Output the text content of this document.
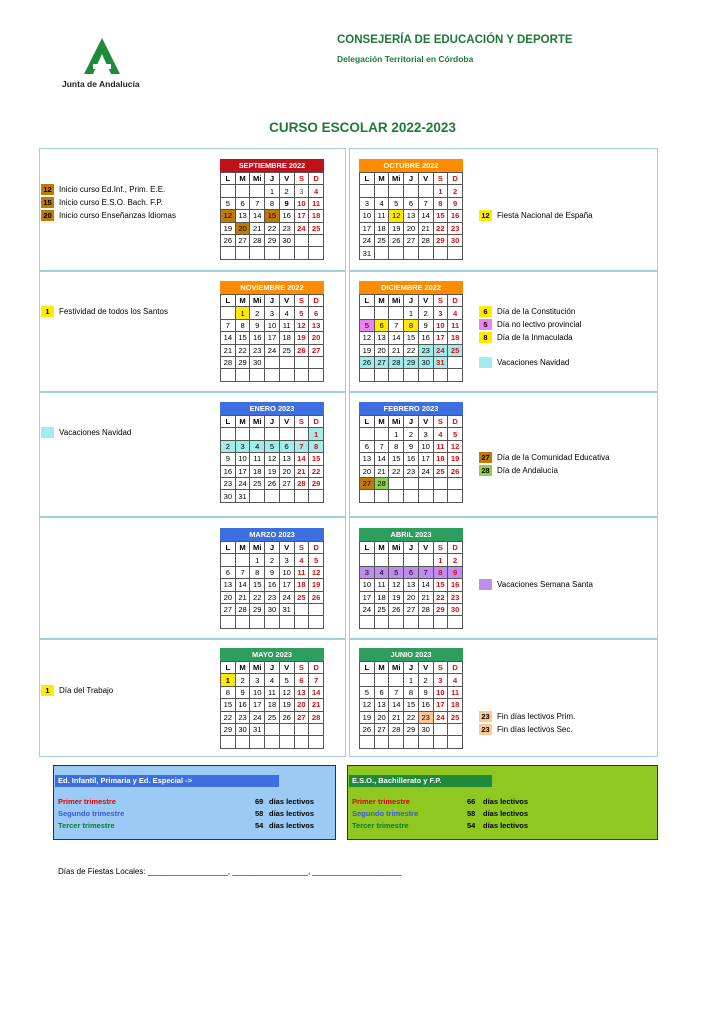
Junta de Andalucía
CONSEJERÍA DE EDUCACIÓN Y DEPORTE
Delegación Territorial en Córdoba
CURSO ESCOLAR 2022-2023
SEPTIEMBRE 2022
L	M	Mi	J	V	S	D
			1	2	3	4
5	6	7	8	9	10	11
12	13	14	15	16	17	18
19	20	21	22	23	24	25
26	27	28	29	30		

OCTUBRE 2022
L	M	Mi	J	V	S	D
					1	2
3	4	5	6	7	8	9
10	11	12	13	14	15	16
17	18	19	20	21	22	23
24	25	26	27	28	29	30
31						
NOVIEMBRE 2022
L	M	Mi	J	V	S	D
	1	2	3	4	5	6
7	8	9	10	11	12	13
14	15	16	17	18	19	20
21	22	23	24	25	26	27
28	29	30				

DICIEMBRE 2022
L	M	Mi	J	V	S	D
			1	2	3	4
5	6	7	8	9	10	11
12	13	14	15	16	17	18
19	20	21	22	23	24	25
26	27	28	29	30	31	

ENERO 2023
L	M	Mi	J	V	S	D
						1
2	3	4	5	6	7	8
9	10	11	12	13	14	15
16	17	18	19	20	21	22
23	24	25	26	27	28	29
30	31					
FEBRERO 2023
L	M	Mi	J	V	S	D
		1	2	3	4	5
6	7	8	9	10	11	12
13	14	15	16	17	18	19
20	21	22	23	24	25	26
27	28					

MARZO 2023
L	M	Mi	J	V	S	D
		1	2	3	4	5
6	7	8	9	10	11	12
13	14	15	16	17	18	19
20	21	22	23	24	25	26
27	28	29	30	31		

ABRIL 2023
L	M	Mi	J	V	S	D
					1	2
3	4	5	6	7	8	9
10	11	12	13	14	15	16
17	18	19	20	21	22	23
24	25	26	27	28	29	30

MAYO 2023
L	M	Mi	J	V	S	D
1	2	3	4	5	6	7
8	9	10	11	12	13	14
15	16	17	18	19	20	21
22	23	24	25	26	27	28
29	30	31				

JUNIO 2023
L	M	Mi	J	V	S	D
			1	2	3	4
5	6	7	8	9	10	11
12	13	14	15	16	17	18
19	20	21	22	23	24	25
26	27	28	29	30		

12 Inicio curso Ed.Inf., Prim. E.E.
15 Inicio curso E.S.O. Bach. F.P.
20 Inicio curso Enseñanzas Idiomas	12 Fiesta Nacional de España
1	Festividad de todos los Santos	6	Día de la Constitución
5	Día no lectivo provincial
8	Día de la Inmaculada
Vacaciones Navidad
Vacaciones Navidad
27 Día de la Comunidad Educativa
28 Día de Andalucía
Vacaciones Semana Santa
1	Día del Trabajo
23 Fin días lectivos Prim.
23 Fin días lectivos Sec.
Ed. Infantil, Primaria y Ed. Especial ->
Primer trimestre	69 días lectivos
Segundo trimestre	58 días lectivos
Tercer trimestre	54 días lectivos
E.S.O., Bachillerato y F.P.
Primer trimestre	66 días lectivos
Segundo trimestre	58 días lectivos
Tercer trimestre	54 días lectivos
Días de Fiestas Locales: __________________, _________________, ____________________
